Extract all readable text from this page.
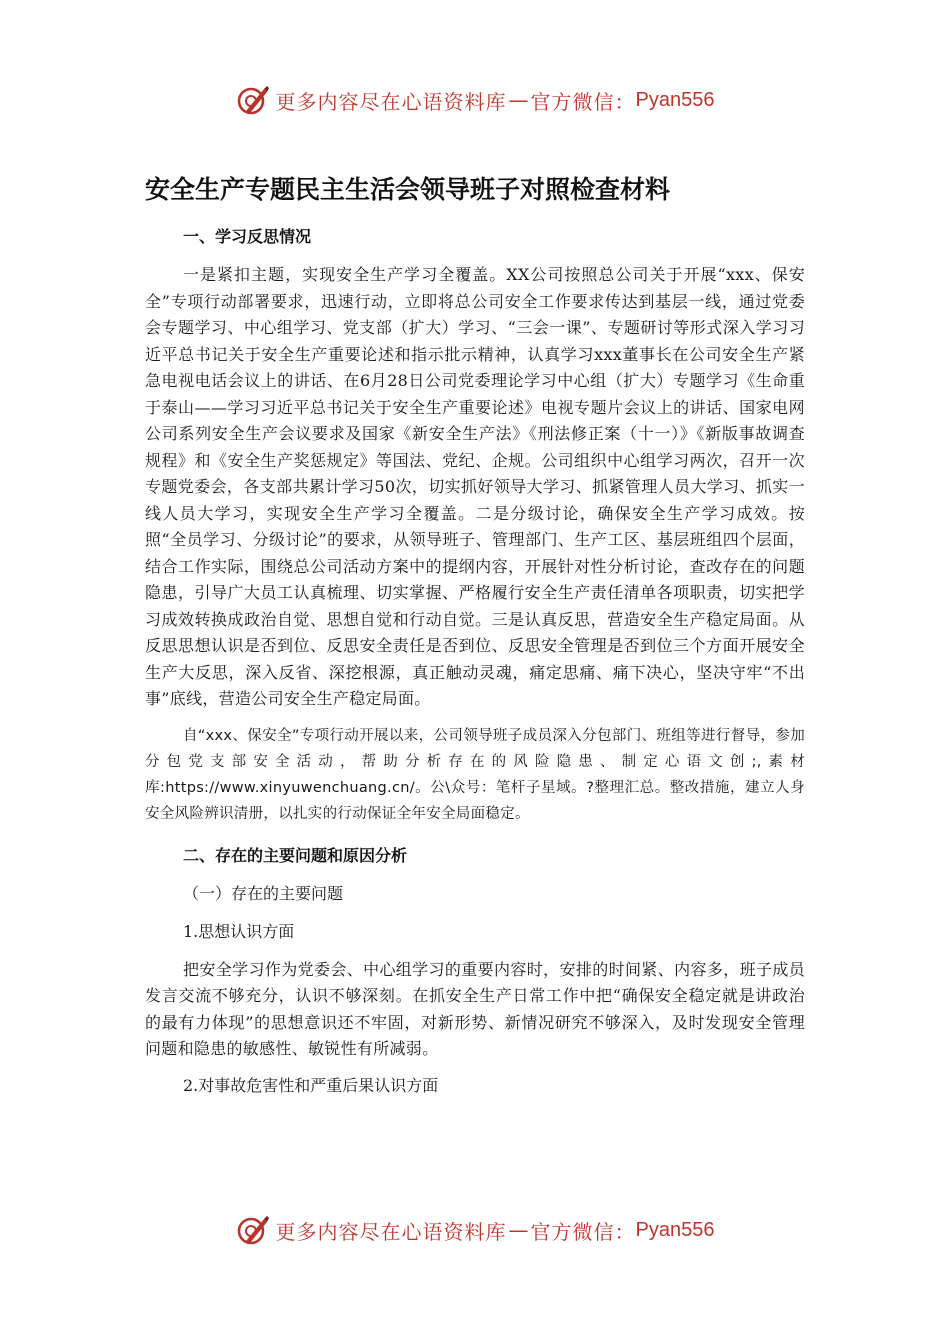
更多内容尽在心语资料库 — 官方微信： Pyan556
安全生产专题民主生活会领导班子对照检查材料
一、学习反思情况

一是紧扣主题，实现安全生产学习全覆盖。XX公司按照总公司关于开展“xxx、保安全”专项行动部署要求，迅速行动，立即将总公司安全工作要求传达到基层一线，通过党委会专题学习、中心组学习、党支部（扩大）学习、“三会一课”、专题研讨等形式深入学习习近平总书记关于安全生产重要论述和指示批示精神，认真学习xxx董事长在公司安全生产紧急电视电话会议上的讲话、在6月28日公司党委理论学习中心组（扩大）专题学习《生命重于泰山——学习习近平总书记关于安全生产重要论述》电视专题片会议上的讲话、国家电网公司系列安全生产会议要求及国家《新安全生产法》《刑法修正案（十一）》《新版事故调查规程》和《安全生产奖惩规定》等国法、党纪、企规。公司组织中心组学习两次，召开一次专题党委会，各支部共累计学习50次，切实抓好领导大学习、抓紧管理人员大学习、抓实一线人员大学习，实现安全生产学习全覆盖。二是分级讨论，确保安全生产学习成效。按照“全员学习、分级讨论”的要求，从领导班子、管理部门、生产工区、基层班组四个层面，结合工作实际，围绕总公司活动方案中的提纲内容，开展针对性分析讨论，查改存在的问题隐患，引导广大员工认真梳理、切实掌握、严格履行安全生产责任清单各项职责，切实把学习成效转换成政治自觉、思想自觉和行动自觉。三是认真反思，营造安全生产稳定局面。从反思思想认识是否到位、反思安全责任是否到位、反思安全管理是否到位三个方面开展安全生产大反思，深入反省、深挖根源，真正触动灵魂，痛定思痛、痛下决心，坚决守牢“不出事”底线，营造公司安全生产稳定局面。

自“xxx、保安全”专项行动开展以来，公司领导班子成员深入分包部门、班组等进行督导，参加分包党支部安全活动，帮助分析存在的风险隐患、制定心语文创;,素材库:https://www.xinyuwenchuang.cn/。公\众号：笔杆子星域。?整理汇总。整改措施，建立人身安全风险辨识清册，以扎实的行动保证全年安全局面稳定。

二、存在的主要问题和原因分析
（一）存在的主要问题
1.思想认识方面

把安全学习作为党委会、中心组学习的重要内容时，安排的时间紧、内容多，班子成员发言交流不够充分，认识不够深刻。在抓安全生产日常工作中把“确保安全稳定就是讲政治的最有力体现”的思想意识还不牢固，对新形势、新情况研究不够深入，及时发现安全管理问题和隐患的敏感性、敏锐性有所减弱。

2.对事故危害性和严重后果认识方面
更多内容尽在心语资料库 — 官方微信： Pyan556
